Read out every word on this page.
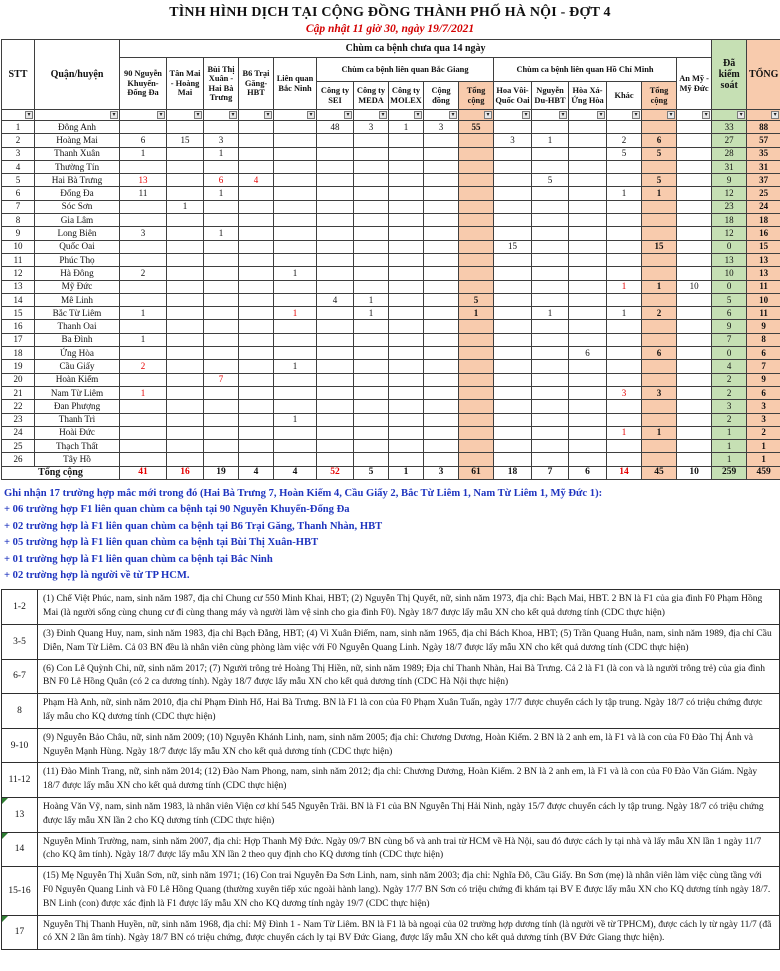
TÌNH HÌNH DỊCH TẠI CỘNG ĐỒNG THÀNH PHỐ HÀ NỘI - ĐỢT 4
Cập nhật 11 giờ 30, ngày 19/7/2021
STT	Quận/huyện	Chùm ca bệnh chưa qua 14 ngày																Đã kiểm soát	TỔNG
		90 Nguyễn Khuyến-Đống Đa	Tân Mai - Hoàng Mai	Bùi Thị Xuân - Hai Bà Trưng	B6 Trại Găng-HBT	Liên quan Bắc Ninh	Chùm ca bệnh liên quan Bắc Giang					Chùm ca bệnh liên quan Hồ Chí Minh					An Mỹ - Mỹ Đức		
							Công ty SEI	Công ty MEDA	Công ty MOLEX	Cộng đồng	Tổng cộng	Hoa Vôi-Quốc Oai	Nguyễn Du-HBT	Hòa Xá-Ứng Hòa	Khác	Tổng cộng			

▾	▾	▾	▾	▾	▾	▾	▾	▾	▾	▾	▾	▾	▾	▾	▾	▾	▾	▾	▾

1	Đông Anh						48	3	1	3	55							33	88
2	Hoàng Mai	6	15	3								3	1		2	6		27	57
3	Thanh Xuân	1		1											5	5		28	35
4	Thường Tín																	31	31
5	Hai Bà Trưng	13		6	4								5			5		9	37
6	Đống Đa	11		1											1	1		12	25
7	Sóc Sơn		1															23	24
8	Gia Lâm																	18	18
9	Long Biên	3		1														12	16
10	Quốc Oai											15				15		0	15
11	Phúc Thọ																	13	13
12	Hà Đông	2				1												10	13
13	Mỹ Đức														1	1	10	0	11
14	Mê Linh						4	1			5							5	10
15	Bắc Từ Liêm	1				1		1			1		1		1	2		6	11
16	Thanh Oai																	9	9
17	Ba Đình	1																7	8
18	Ứng Hòa													6		6		0	6
19	Cầu Giấy	2				1												4	7
20	Hoàn Kiếm			7														2	9
21	Nam Từ Liêm	1													3	3		2	6
22	Đan Phượng																	3	3
23	Thanh Trì					1												2	3
24	Hoài Đức														1	1		1	2
25	Thạch Thất																	1	1
26	Tây Hồ																	1	1
Tổng cộng		41	16	19	4	4	52	5	1	3	61	18	7	6	14	45	10	259	459
Ghi nhận 17 trường hợp mắc mới trong đó (Hai Bà Trưng 7, Hoàn Kiếm 4, Cầu Giấy 2, Bắc Từ Liêm 1, Nam Từ Liêm 1, Mỹ Đức 1):
+ 06 trường hợp F1 liên quan chùm ca bệnh tại 90 Nguyễn Khuyến-Đống Đa
+ 02 trường hợp là F1 liên quan chùm ca bệnh tại B6 Trại Găng, Thanh Nhàn, HBT
+ 05 trường hợp là F1 liên quan chùm ca bệnh tại Bùi Thị Xuân-HBT
+ 01 trường hợp là F1 liên quan chùm ca bệnh tại Bắc Ninh
+ 02 trường hợp là người về từ TP HCM.
1-2	(1) Chế Việt Phúc, nam, sinh năm 1987, địa chỉ Chung cư 550 Minh Khai, HBT; (2) Nguyễn Thị Quyết, nữ, sinh năm 1973, địa chỉ: Bạch Mai, HBT. 2 BN là F1 của gia đình F0 Phạm Hồng Mai (là người sống cùng chung cư đi cùng thang máy và người làm vệ sinh cho gia đình F0). Ngày 18/7 được lấy mẫu XN cho kết quả dương tính (CDC thực hiện)
3-5	(3) Đinh Quang Huy, nam, sinh năm 1983, địa chỉ Bạch Đằng, HBT; (4) Vi Xuân Điểm, nam, sinh năm 1965, địa chỉ Bách Khoa, HBT; (5) Trần Quang Huân, nam, sinh năm 1989, địa chỉ Cầu Diễn, Nam Từ Liêm. Cả 03 BN đều là nhân viên cùng phòng làm việc với F0 Nguyễn Quang Linh. Ngày 18/7 được lấy mẫu XN cho kết quả dương tính (CDC thực hiện)
6-7	(6) Con Lê Quỳnh Chi, nữ, sinh năm 2017; (7) Người trông trẻ Hoàng Thị Hiền, nữ, sinh năm 1989; Địa chỉ Thanh Nhàn, Hai Bà Trưng. Cả 2 là F1 (là con và là người trông trẻ) của gia đình BN F0 Lê Hồng Quân (có 2 ca dương tính). Ngày 18/7 được lấy mẫu XN cho kết quả dương tính (CDC Hà Nội thực hiện)
8	Phạm Hà Anh, nữ, sinh năm 2010, địa chỉ Phạm Đình Hổ, Hai Bà Trưng. BN là F1 là con của F0 Phạm Xuân Tuấn, ngày 17/7 được chuyển cách ly tập trung. Ngày 18/7 có triệu chứng được lấy mẫu cho KQ dương tính (CDC thực hiện)
9-10	(9) Nguyễn Bảo Châu, nữ, sinh năm 2009; (10) Nguyễn Khánh Linh, nam, sinh năm 2005; địa chỉ: Chương Dương, Hoàn Kiếm. 2 BN là 2 anh em, là F1 và là con của F0 Đào Thị Ánh và Nguyễn Mạnh Hùng. Ngày 18/7 được lấy mẫu XN cho kết quả dương tính (CDC thực hiện)
11-12	(11) Đào Minh Trang, nữ, sinh năm 2014; (12) Đào Nam Phong, nam, sinh năm 2012; địa chỉ: Chương Dương, Hoàn Kiếm. 2 BN là 2 anh em, là F1 và là con của F0 Đào Văn Giám. Ngày 18/7 được lấy mẫu XN cho kết quả dương tính (CDC thực hiện)
13	Hoàng Văn Vỹ, nam, sinh năm 1983, là nhân viên Viện cơ khí 545 Nguyễn Trãi. BN là F1 của BN Nguyễn Thị Hải Ninh, ngày 15/7 được chuyển cách ly tập trung. Ngày 18/7 có triệu chứng được lấy mẫu XN lần 2 cho KQ dương tính (CDC thực hiện)
14	Nguyễn Minh Trường, nam, sinh năm 2007, địa chỉ: Hợp Thanh Mỹ Đức. Ngày 09/7 BN cùng bố và anh trai từ HCM về Hà Nội, sau đó được cách ly tại nhà và lấy mẫu XN lần 1 ngày 11/7 (cho KQ âm tính). Ngày 18/7 được lấy mẫu XN lần 2 theo quy định cho KQ dương tính (CDC thực hiện)
15-16	(15) Mẹ Nguyễn Thị Xuân Sơn, nữ, sinh năm 1971; (16) Con trai Nguyễn Đa Sơn Linh, nam, sinh năm 2003; địa chỉ: Nghĩa Đô, Cầu Giấy. Bn Sơn (mẹ) là nhân viên làm việc cùng tầng với F0 Nguyễn Quang Linh và F0 Lê Hồng Quang (thường xuyên tiếp xúc ngoài hành lang). Ngày 17/7 BN Sơn có triệu chứng đi khám tại BV E được lấy mẫu XN cho KQ dương tính ngày 18/7. BN Linh (con) được xác định là F1 được lấy mẫu XN cho KQ dương tính ngày 19/7 (CDC thực hiện)
17	Nguyễn Thị Thanh Huyền, nữ, sinh năm 1968, địa chỉ: Mỹ Đình 1 - Nam Từ Liêm. BN là F1 là bà ngoại của 02 trường hợp dương tính (là người về từ TPHCM), được cách ly từ ngày 11/7 (đã có XN 2 lần âm tính). Ngày 18/7 BN có triệu chứng, được chuyển cách ly tại BV Đức Giang, được lấy mẫu XN cho kết quả dương tính (BV Đức Giang thực hiện).
